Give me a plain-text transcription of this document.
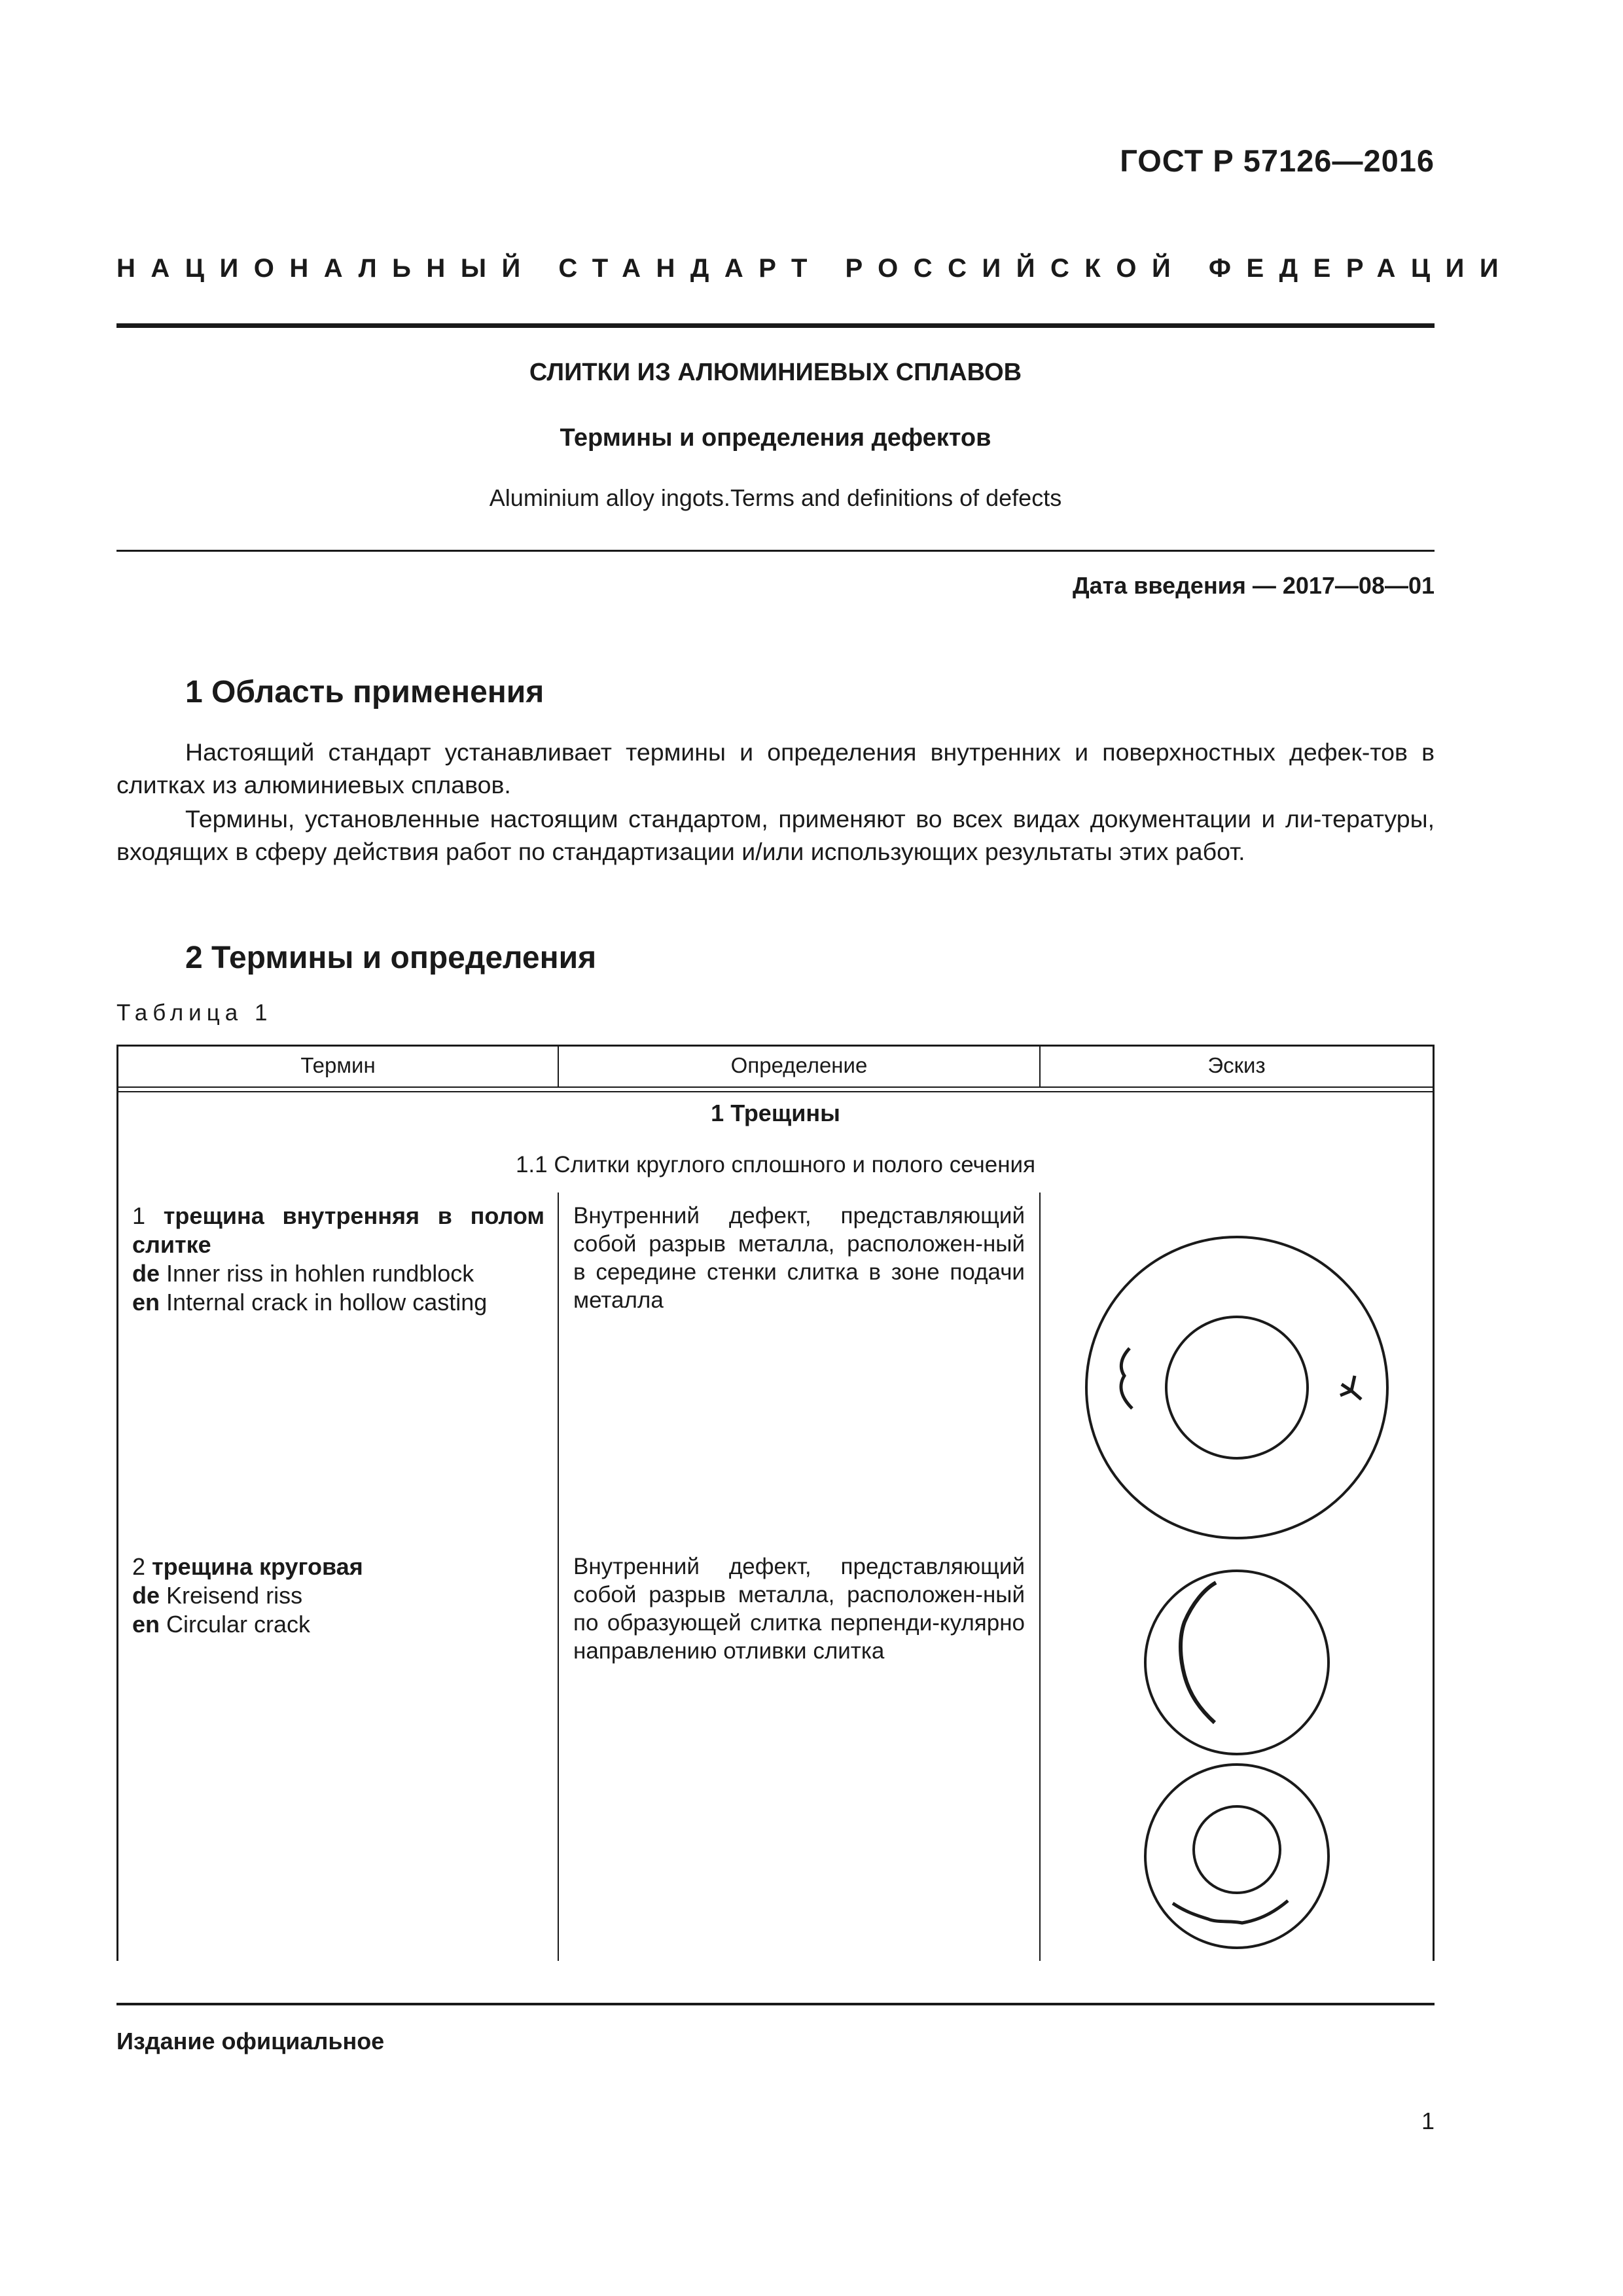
ГОСТ Р 57126—2016
НАЦИОНАЛЬНЫЙ СТАНДАРТ РОССИЙСКОЙ ФЕДЕРАЦИИ
СЛИТКИ ИЗ АЛЮМИНИЕВЫХ СПЛАВОВ
Термины и определения дефектов
Aluminium alloy ingots.Terms and definitions of defects
Дата введения — 2017—08—01
1 Область применения
Настоящий стандарт устанавливает термины и определения внутренних и поверхностных дефек-тов в слитках из алюминиевых сплавов.
Термины, установленные настоящим стандартом, применяют во всех видах документации и ли-тературы, входящих в сферу действия работ по стандартизации и/или использующих результаты этих работ.
2 Термины и определения
Таблица 1
Термин	Определение	Эскиз
1 Трещины
1.1 Слитки круглого сплошного и полого сечения
1 трещина внутренняя в полом слитке
de Inner riss in hohlen rundblock
en Internal crack in hollow casting
Внутренний дефект, представляющий собой разрыв металла, расположен-ный в середине стенки слитка в зоне подачи металла
2 трещина круговая
de Kreisend riss
en Circular crack
Внутренний дефект, представляющий собой разрыв металла, расположен-ный по образующей слитка перпенди-кулярно направлению отливки слитка
Издание официальное
1
